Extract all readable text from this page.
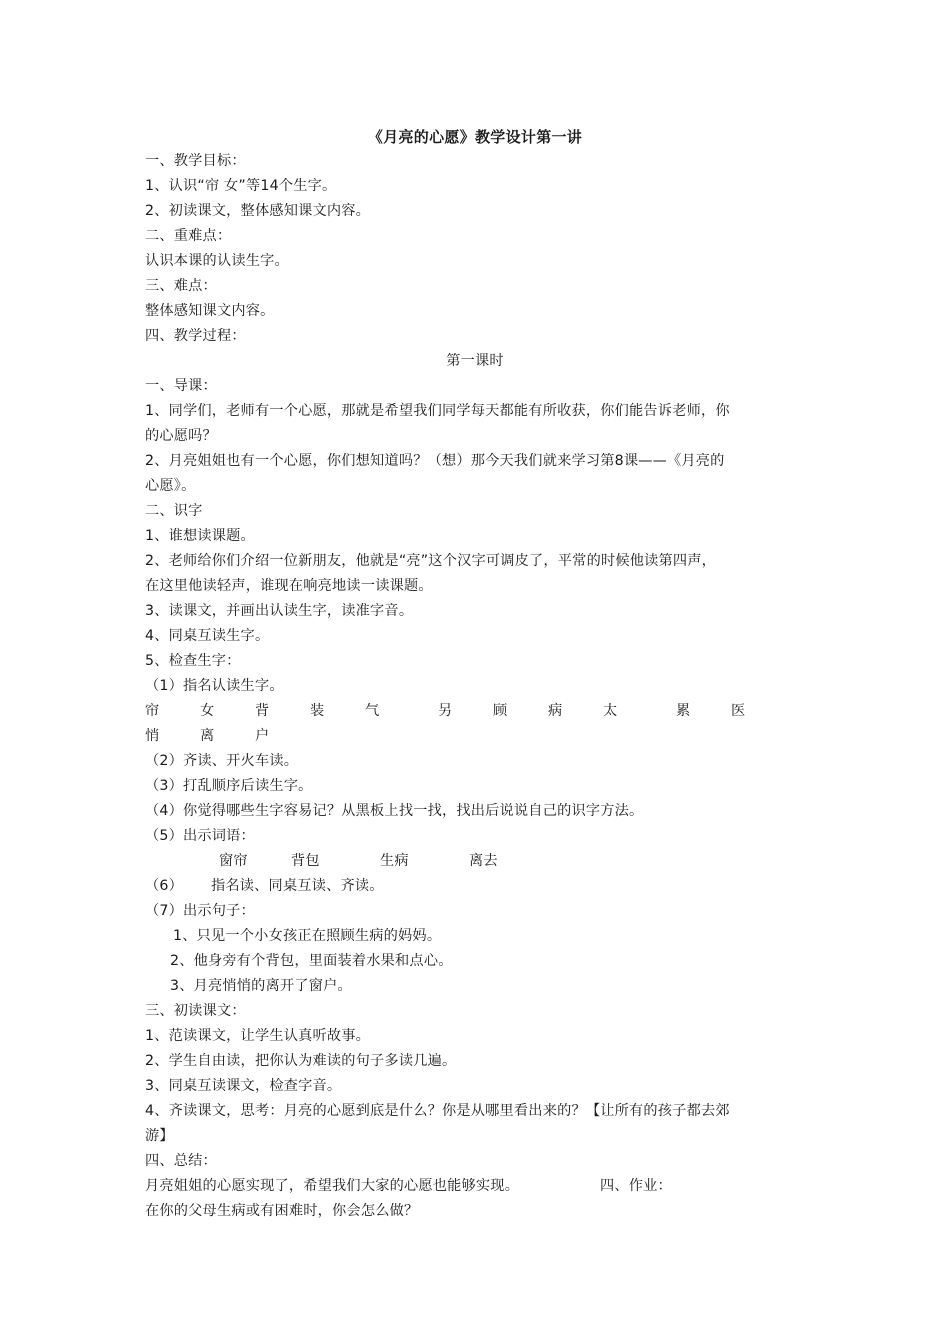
《月亮的心愿》教学设计第一讲
一、教学目标：
1、认识“帘 女”等14个生字。
2、初读课文，整体感知课文内容。
二、重难点：
认识本课的认读生字。
三、难点：
整体感知课文内容。
四、教学过程：
第一课时
一、导课：
1、同学们，老师有一个心愿，那就是希望我们同学每天都能有所收获，你们能告诉老师，你
的心愿吗？
2、月亮姐姐也有一个心愿，你们想知道吗？（想）那今天我们就来学习第8课——《月亮的
心愿》。
二、识字
1、谁想读课题。
2、老师给你们介绍一位新朋友，他就是“亮”这个汉字可调皮了，平常的时候他读第四声，
在这里他读轻声，谁现在响亮地读一读课题。
3、读课文，并画出认读生字，读准字音。
4、同桌互读生字。
5、检查生字：
（1）指名认读生字。
帘	女	背	装	气	另	顾	病	太	累	医
悄	离	户
（2）齐读、开火车读。
（3）打乱顺序后读生字。
（4）你觉得哪些生字容易记？从黑板上找一找，找出后说说自己的识字方法。
（5）出示词语：
窗帘	背包	生病	离去
（6） 指名读、同桌互读、齐读。
（7）出示句子：
1、只见一个小女孩正在照顾生病的妈妈。
2、他身旁有个背包，里面装着水果和点心。
3、月亮悄悄的离开了窗户。
三、初读课文：
1、范读课文，让学生认真听故事。
2、学生自由读，把你认为难读的句子多读几遍。
3、同桌互读课文，检查字音。
4、齐读课文，思考：月亮的心愿到底是什么？你是从哪里看出来的？【让所有的孩子都去郊
游】
四、总结：
月亮姐姐的心愿实现了，希望我们大家的心愿也能够实现。	四、作业：
在你的父母生病或有困难时，你会怎么做？
